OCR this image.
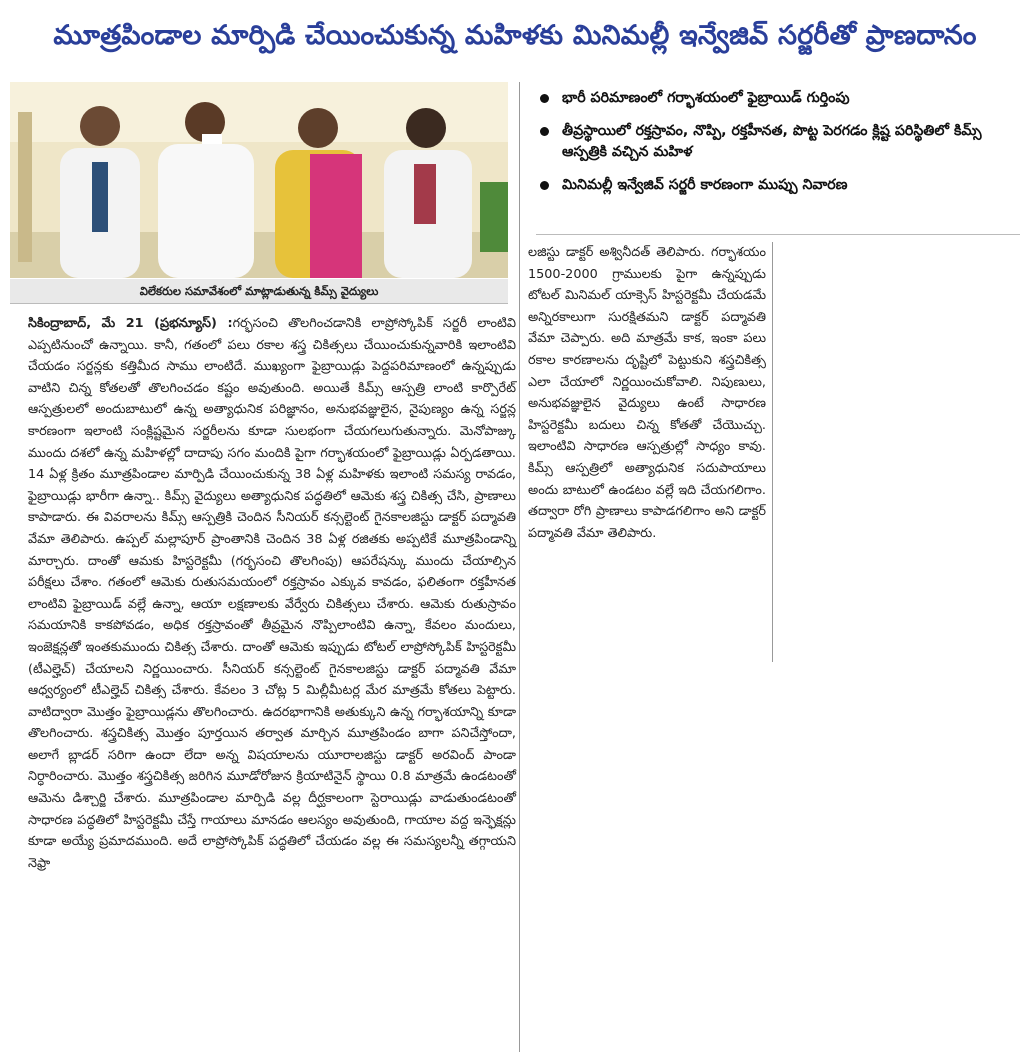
మూత్రపిండాల మార్పిడి చేయించుకున్న మహిళకు మినిమల్లీ ఇన్వేజివ్ సర్జరీతో ప్రాణదానం
విలేకరుల సమావేశంలో మాట్లాడుతున్న కిమ్స్ వైద్యులు

సికింద్రాబాద్, మే 21 (ప్రభన్యూస్) :గర్భసంచి తొలగించడానికి లాప్రోస్కోపిక్ సర్జరీ లాంటివి ఎప్పటినుంచో ఉన్నాయి. కానీ, గతంలో పలు రకాల శస్త్ర చికిత్సలు చేయించుకున్నవారికి ఇలాంటివి చేయడం సర్జన్లకు కత్తిమీద సాము లాంటిదే. ముఖ్యంగా ఫైబ్రాయిడ్లు పెద్దపరిమాణంలో ఉన్నప్పుడు వాటిని చిన్న కోతలతో తొలగించడం కష్టం అవుతుంది. అయితే కిమ్స్ ఆస్పత్రి లాంటి కార్పొరేట్ ఆస్పత్రులలో అందుబాటులో ఉన్న అత్యాధునిక పరిజ్ఞానం, అనుభవజ్ఞులైన, నైపుణ్యం ఉన్న సర్జన్ల కారణంగా ఇలాంటి సంక్లిష్టమైన సర్జరీలను కూడా సులభంగా చేయగలుగుతున్నారు. మెనోపాజ్కు ముందు దశలో ఉన్న మహిళల్లో దాదాపు సగం మందికి పైగా గర్భాశయంలో ఫైబ్రాయిడ్లు ఏర్పడతాయి. 14 ఏళ్ల క్రితం మూత్రపిండాల మార్పిడి చేయించుకున్న 38 ఏళ్ల మహిళకు ఇలాంటి సమస్య రావడం, ఫైబ్రాయిడ్లు భారీగా ఉన్నా.. కిమ్స్ వైద్యులు అత్యాధునిక పద్ధతిలో ఆమెకు శస్త్ర చికిత్స చేసి, ప్రాణాలు కాపాడారు. ఈ వివరాలను కిమ్స్ ఆస్పత్రికి చెందిన సీనియర్ కన్సల్టెంట్ గైనకాలజిస్టు డాక్టర్ పద్మావతి వేమా తెలిపారు. ఉప్పల్ మల్లాపూర్ ప్రాంతానికి చెందిన 38 ఏళ్ల రజితకు అప్పటికే మూత్రపిండాన్ని మార్చారు. దాంతో ఆమకు హిస్టరెక్టమీ (గర్భసంచి తొలగింపు) ఆపరేషన్కు ముందు చేయాల్సిన పరీక్షలు చేశాం. గతంలో ఆమెకు రుతుసమయంలో రక్తస్రావం ఎక్కువ కావడం, ఫలితంగా రక్తహీనత లాంటివి ఫైబ్రాయిడ్ వల్లే ఉన్నా, ఆయా లక్షణాలకు వేర్వేరు చికిత్సలు చేశారు. ఆమెకు రుతుస్రావం సమయానికి కాకపోవడం, అధిక రక్తస్రావంతో తీవ్రమైన నొప్పిలాంటివి ఉన్నా, కేవలం మందులు, ఇంజెక్షన్లతో ఇంతకుముందు చికిత్స చేశారు. దాంతో ఆమెకు ఇప్పుడు టోటల్ లాప్రోస్కోపిక్ హిస్టరెక్టమీ (టీఎల్హెచ్) చేయాలని నిర్ణయించారు. సీనియర్ కన్సల్టెంట్ గైనకాలజిస్టు డాక్టర్ పద్మావతి వేమా ఆధ్వర్యంలో టీఎల్హెచ్ చికిత్స చేశారు. కేవలం 3 చోట్ల 5 మిల్లీమీటర్ల మేర మాత్రమే కోతలు పెట్టారు. వాటిద్వారా మొత్తం ఫైబ్రాయిడ్లను తొలగించారు. ఉదరభాగానికి అతుక్కుని ఉన్న గర్భాశయాన్ని కూడా తొలగించారు. శస్త్రచికిత్స మొత్తం పూర్తయిన తర్వాత మార్చిన మూత్రపిండం బాగా పనిచేస్తోందా, అలాగే బ్లాడర్ సరిగా ఉందా లేదా అన్న విషయాలను యూరాలజిస్టు డాక్టర్ అరవింద్ పాండా నిర్ధారించారు. మొత్తం శస్త్రచికిత్స జరిగిన మూడోరోజున క్రియాటినైన్ స్థాయి 0.8 మాత్రమే ఉండటంతో ఆమెను డిశ్చార్జి చేశారు. మూత్రపిండాల మార్పిడి వల్ల దీర్ఘకాలంగా స్టెరాయిడ్లు వాడుతుండటంతో సాధారణ పద్ధతిలో హిస్టరెక్టమీ చేస్తే గాయాలు మానడం ఆలస్యం అవుతుంది, గాయాల వద్ద ఇన్ఫెక్షన్లు కూడా అయ్యే ప్రమాదముంది. అదే లాప్రోస్కోపిక్ పద్ధతిలో చేయడం వల్ల ఈ సమస్యలన్నీ తగ్గాయని నెఫ్రా

భారీ పరిమాణంలో గర్భాశయంలో ఫైబ్రాయిడ్ గుర్తింపు
తీవ్రస్థాయిలో రక్తస్రావం, నొప్పి, రక్తహీనత, పొట్ట పెరగడం క్లిష్ట పరిస్థితిలో కిమ్స్ ఆస్పత్రికి వచ్చిన మహిళ
మినిమల్లీ ఇన్వేజివ్ సర్జరీ కారణంగా ముప్పు నివారణ

లజిస్టు డాక్టర్ అశ్వినీదత్ తెలిపారు. గర్భాశయం 1500-2000 గ్రాములకు పైగా ఉన్నప్పుడు టోటల్ మినిమల్ యాక్సెస్ హిస్టరెక్టమీ చేయడమే అన్నిరకాలుగా సురక్షితమని డాక్టర్ పద్మావతి వేమా చెప్పారు. అది మాత్రమే కాక, ఇంకా పలు రకాల కారణాలను దృష్టిలో పెట్టుకుని శస్త్రచికిత్స ఎలా చేయాలో నిర్ణయించుకోవాలి. నిపుణులు, అనుభవజ్ఞులైన వైద్యులు ఉంటే సాధారణ హిస్టరెక్టమీ బదులు చిన్న కోతతో చేయొచ్చు. ఇలాంటివి సాధారణ ఆస్పత్రుల్లో సాధ్యం కావు. కిమ్స్ ఆస్పత్రిలో అత్యాధునిక సదుపాయాలు అందు బాటులో ఉండటం వల్లే ఇది చేయగలిగాం. తద్వారా రోగి ప్రాణాలు కాపాడగలిగాం అని డాక్టర్ పద్మావతి వేమా తెలిపారు.
